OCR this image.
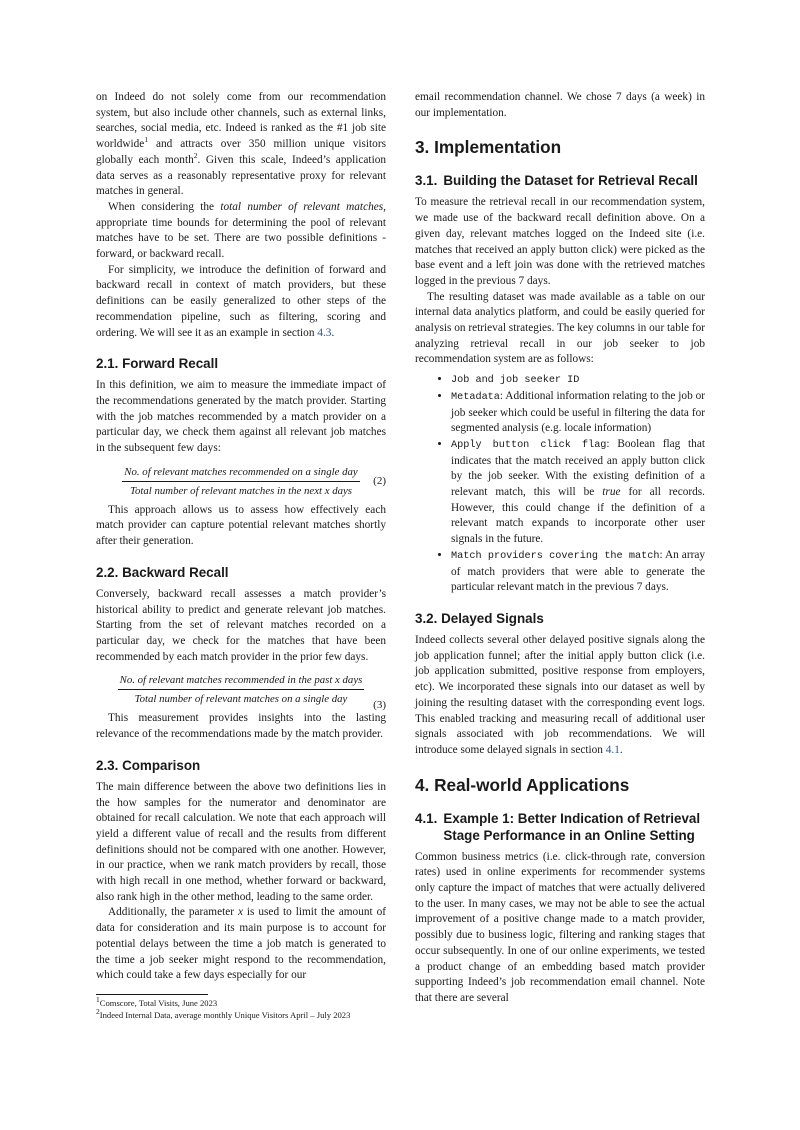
on Indeed do not solely come from our recommendation system, but also include other channels, such as external links, searches, social media, etc. Indeed is ranked as the #1 job site worldwide$^1$ and attracts over 350 million unique visitors globally each month$^2$. Given this scale, Indeed’s application data serves as a reasonably representative proxy for relevant matches in general.

When considering the total number of relevant matches, appropriate time bounds for determining the pool of relevant matches have to be set. There are two possible definitions - forward, or backward recall.

For simplicity, we introduce the definition of forward and backward recall in context of match providers, but these definitions can be easily generalized to other steps of the recommendation pipeline, such as filtering, scoring and ordering. We will see it as an example in section 4.3.

2.1. Forward Recall

In this definition, we aim to measure the immediate impact of the recommendations generated by the match provider. Starting with the job matches recommended by a match provider on a particular day, we check them against all relevant job matches in the subsequent few days:

$\frac{\text{No. of relevant matches recommended on a single day}}{\text{Total number of relevant matches in the next x days}} (2)$

This approach allows us to assess how effectively each match provider can capture potential relevant matches shortly after their generation.

2.2. Backward Recall

Conversely, backward recall assesses a match provider’s historical ability to predict and generate relevant job matches. Starting from the set of relevant matches recorded on a particular day, we check for the matches that have been recommended by each match provider in the prior few days.

$\frac{\text{No. of relevant matches recommended in the past x days}}{\text{Total number of relevant matches on a single day}} (3)$

This measurement provides insights into the lasting relevance of the recommendations made by the match provider.

2.3. Comparison

The main difference between the above two definitions lies in the how samples for the numerator and denominator are obtained for recall calculation. We note that each approach will yield a different value of recall and the results from different definitions should not be compared with one another. However, in our practice, when we rank match providers by recall, those with high recall in one method, whether forward or backward, also rank high in the other method, leading to the same order.

Additionally, the parameter x is used to limit the amount of data for consideration and its main purpose is to account for potential delays between the time a job match is generated to the time a job seeker might respond to the recommendation, which could take a few days especially for our

$^1$Comscore, Total Visits, June 2023

$^2$Indeed Internal Data, average monthly Unique Visitors April – July 2023

email recommendation channel. We chose 7 days (a week) in our implementation.

3. Implementation
3.1. Building the Dataset for Retrieval Recall

To measure the retrieval recall in our recommendation system, we made use of the backward recall definition above. On a given day, relevant matches logged on the Indeed site (i.e. matches that received an apply button click) were picked as the base event and a left join was done with the retrieved matches logged in the previous 7 days.

The resulting dataset was made available as a table on our internal data analytics platform, and could be easily queried for analysis on retrieval strategies. The key columns in our table for analyzing retrieval recall in our job seeker to job recommendation system are as follows:

• Job and job seeker ID
• Metadata: Additional information relating to the job or job seeker which could be useful in filtering the data for segmented analysis (e.g. locale information)
• Apply button click flag: Boolean flag that indicates that the match received an apply button click by the job seeker. With the existing definition of a relevant match, this will be true for all records. However, this could change if the definition of a relevant match expands to incorporate other user signals in the future.
• Match providers covering the match: An array of match providers that were able to generate the particular relevant match in the previous 7 days.
3.2. Delayed Signals

Indeed collects several other delayed positive signals along the job application funnel; after the initial apply button click (i.e. job application submitted, positive response from employers, etc). We incorporated these signals into our dataset as well by joining the resulting dataset with the corresponding event logs. This enabled tracking and measuring recall of additional user signals associated with job recommendations. We will introduce some delayed signals in section 4.1.

4. Real-world Applications
4.1. Example 1: Better Indication of Retrieval Stage Performance in an Online Setting

Common business metrics (i.e. click-through rate, conversion rates) used in online experiments for recommender systems only capture the impact of matches that were actually delivered to the user. In many cases, we may not be able to see the actual improvement of a positive change made to a match provider, possibly due to business logic, filtering and ranking stages that occur subsequently. In one of our online experiments, we tested a product change of an embedding based match provider supporting Indeed’s job recommendation email channel. Note that there are several
